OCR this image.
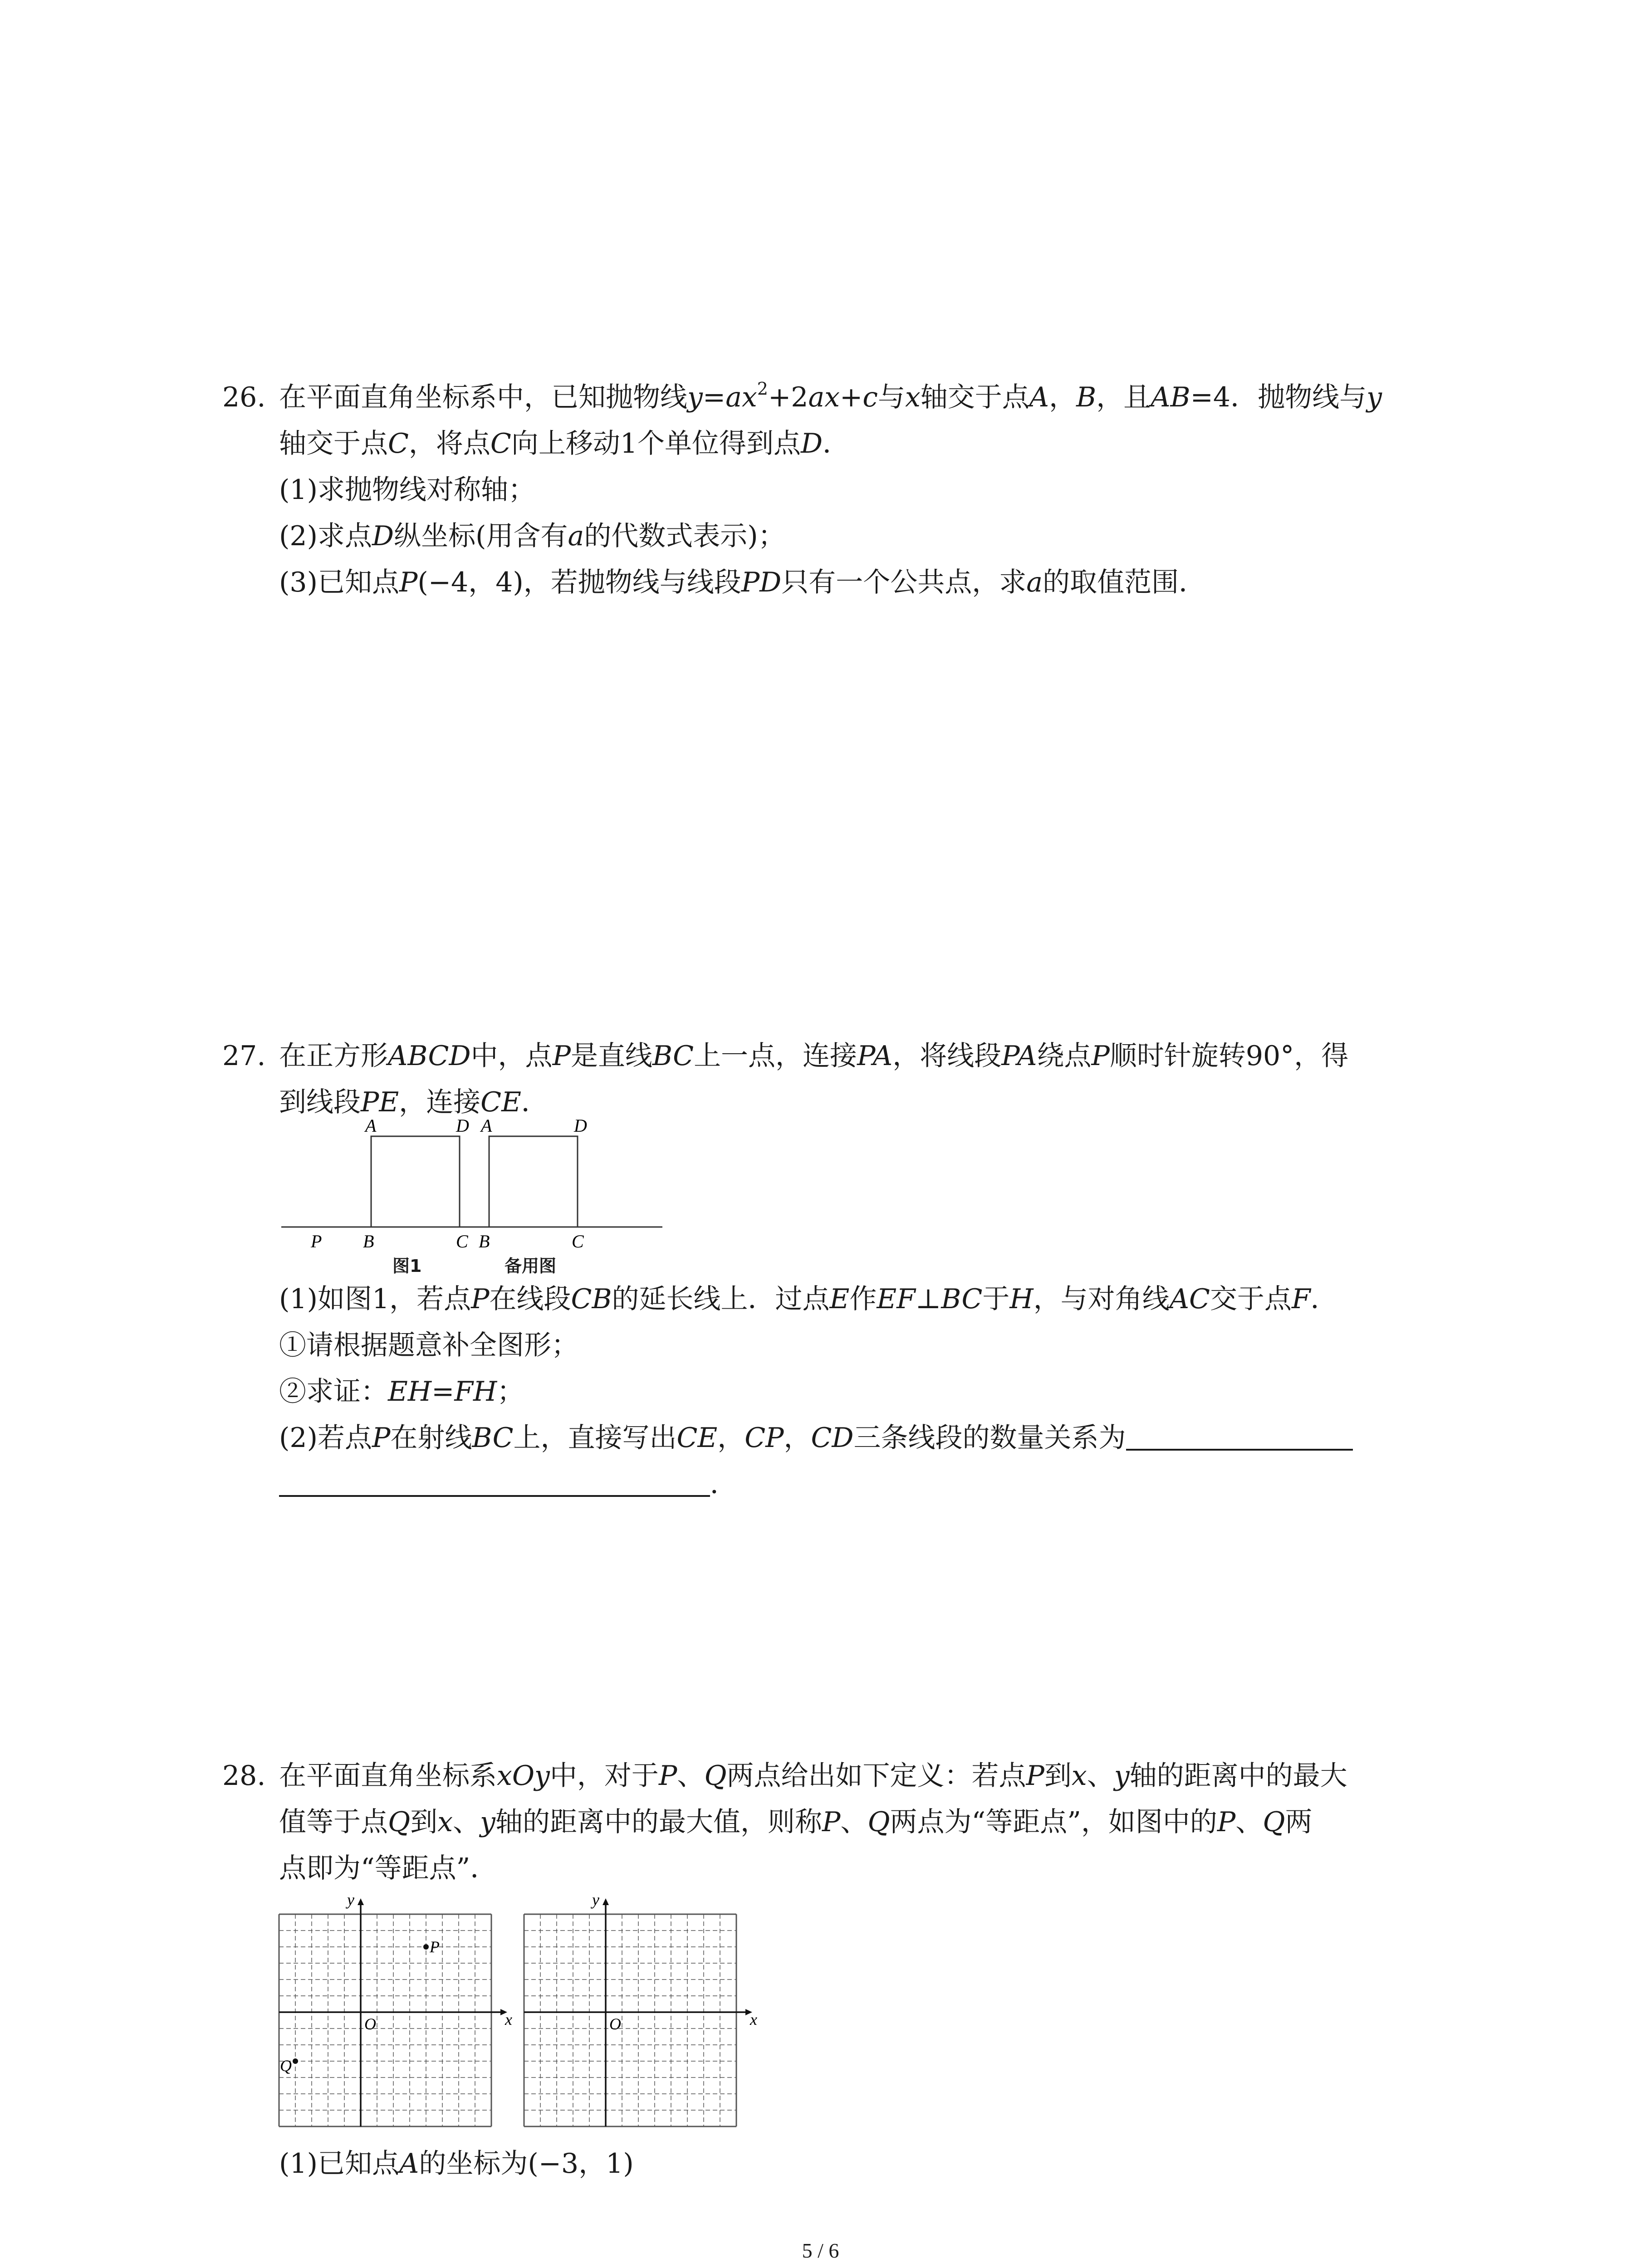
26. 在平面直角坐标系中，已知抛物线$y=ax^2+2ax+c$与x轴交于点A，B，且AB=4．抛物线与y
轴交于点C，将点C向上移动1个单位得到点D．
(1)求抛物线对称轴；
(2)求点D纵坐标(用含有a的代数式表示)；
(3)已知点P(−4，4)，若抛物线与线段PD只有一个公共点，求a的取值范围．
27. 在正方形ABCD中，点P是直线BC上一点，连接PA，将线段PA绕点P顺时针旋转90°，得
到线段PE，连接CE．
A	D
P B	C
A	D
B	C
图1	备用图
(1)如图1，若点P在线段CB的延长线上．过点E作EF⊥BC于H，与对角线AC交于点F．
①请根据题意补全图形；
②求证：EH=FH；
(2)若点P在射线BC上，直接写出CE，CP，CD三条线段的数量关系为
．
28. 在平面直角坐标系xOy中，对于P、Q两点给出如下定义：若点P到x、y轴的距离中的最大
值等于点Q到x、y轴的距离中的最大值，则称P、Q两点为“等距点”，如图中的P、Q两
点即为“等距点”．
x
y
O
P
Q
x
y
O
(1)已知点A的坐标为(−3，1)
5 / 6
